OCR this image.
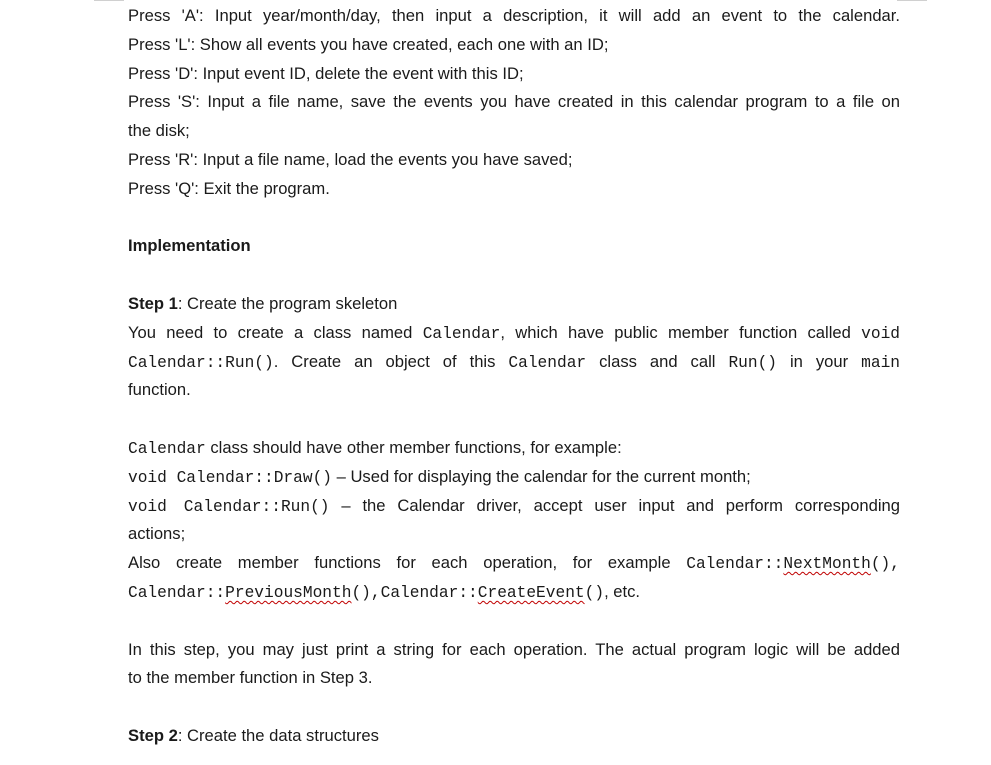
Press 'A': Input year/month/day, then input a description, it will add an event to the calendar.
Press 'L': Show all events you have created, each one with an ID;
Press 'D': Input event ID, delete the event with this ID;
Press 'S': Input a file name, save the events you have created in this calendar program to a file on
the disk;
Press 'R': Input a file name, load the events you have saved;
Press 'Q': Exit the program.
Implementation
Step 1: Create the program skeleton
You need to create a class named Calendar, which have public member function called void
Calendar::Run(). Create an object of this Calendar class and call Run() in your main
function.
Calendar class should have other member functions, for example:
void Calendar::Draw() – Used for displaying the calendar for the current month;
void Calendar::Run() – the Calendar driver, accept user input and perform corresponding
actions;
Also create member functions for each operation, for example Calendar::NextMonth(),
Calendar::PreviousMonth(),Calendar::CreateEvent(), etc.
In this step, you may just print a string for each operation. The actual program logic will be added
to the member function in Step 3.
Step 2: Create the data structures
